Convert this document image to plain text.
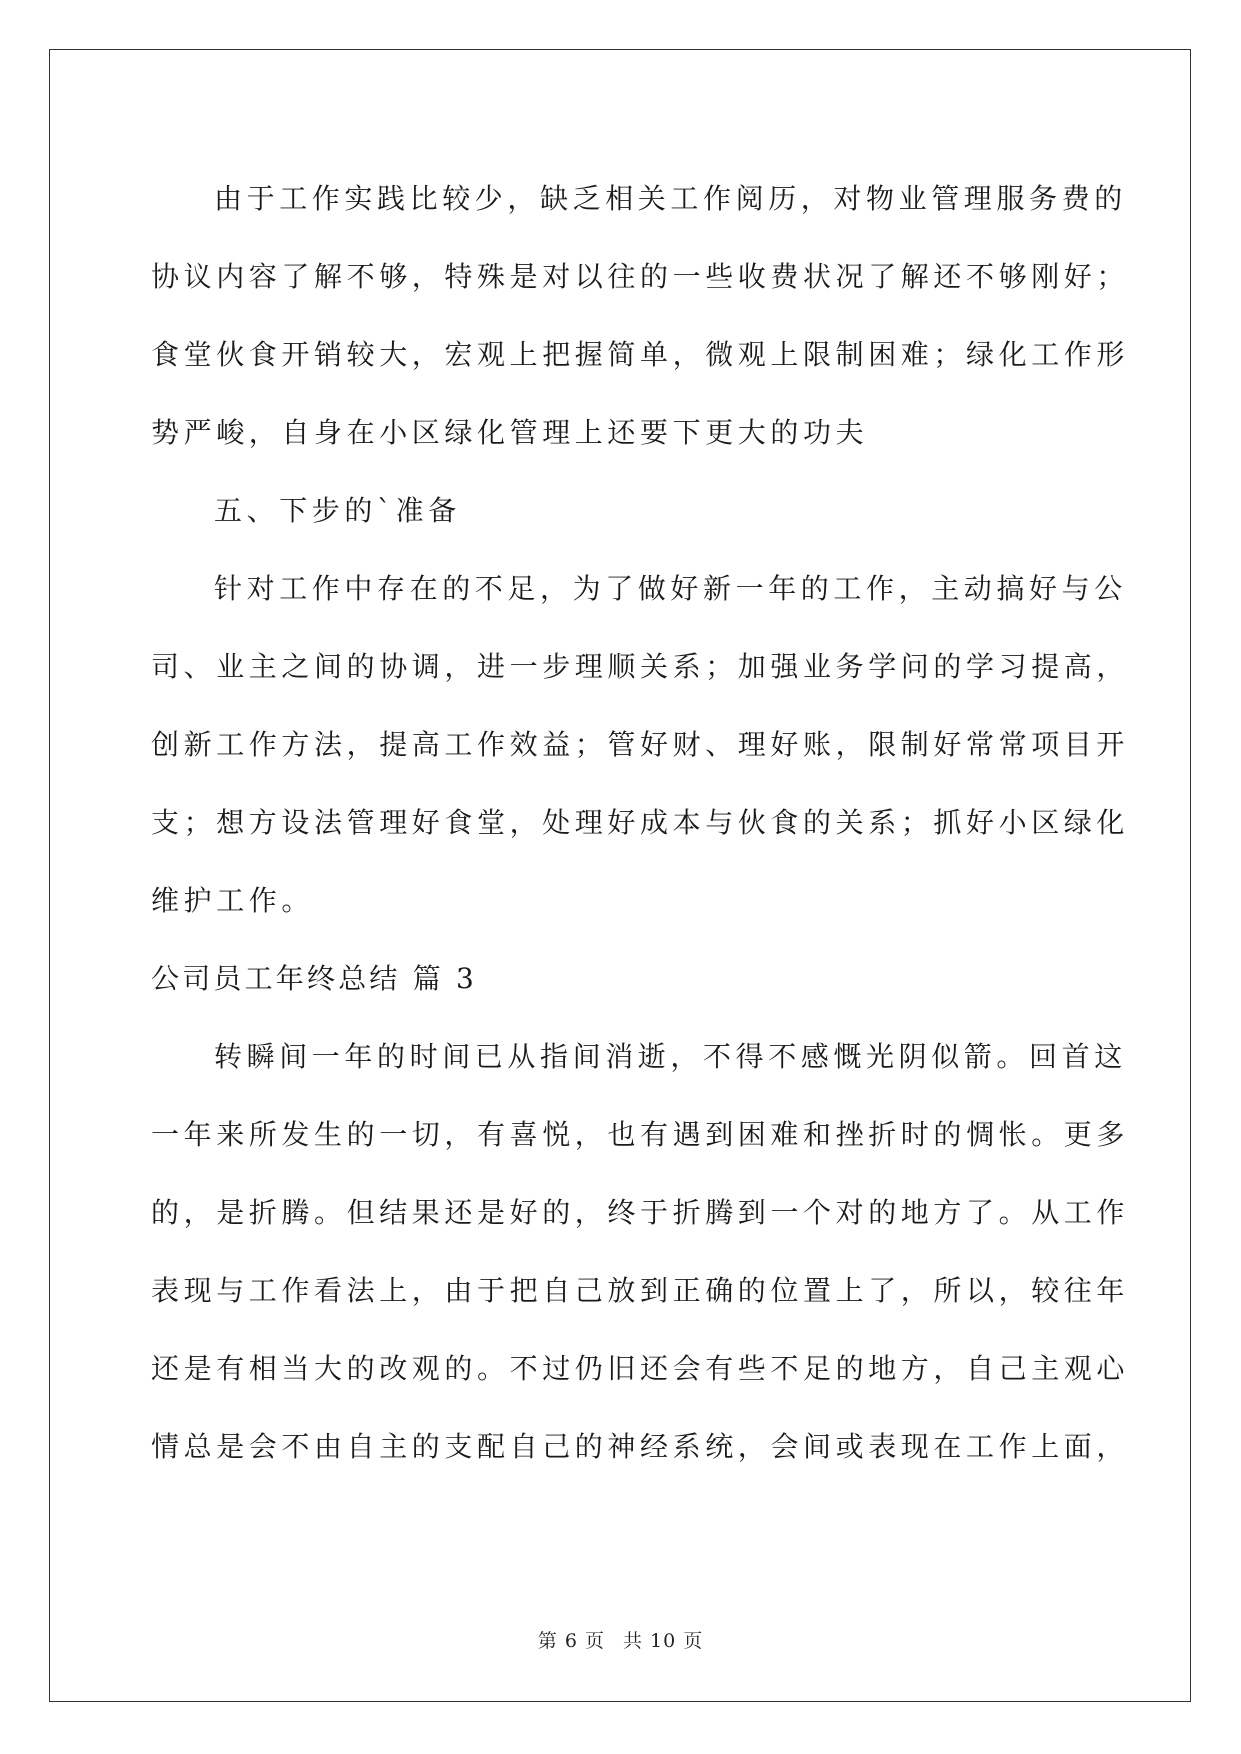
由于工作实践比较少，缺乏相关工作阅历，对物业管理服务费的
协议内容了解不够，特殊是对以往的一些收费状况了解还不够刚好；
食堂伙食开销较大，宏观上把握简单，微观上限制困难；绿化工作形
势严峻，自身在小区绿化管理上还要下更大的功夫
五、下步的`准备
针对工作中存在的不足，为了做好新一年的工作，主动搞好与公
司、业主之间的协调，进一步理顺关系；加强业务学问的学习提高，
创新工作方法，提高工作效益；管好财、理好账，限制好常常项目开
支；想方设法管理好食堂，处理好成本与伙食的关系；抓好小区绿化
维护工作。
公司员工年终总结 篇 3
转瞬间一年的时间已从指间消逝，不得不感慨光阴似箭。回首这
一年来所发生的一切，有喜悦，也有遇到困难和挫折时的惆怅。更多
的，是折腾。但结果还是好的，终于折腾到一个对的地方了。从工作
表现与工作看法上，由于把自己放到正确的位置上了，所以，较往年
还是有相当大的改观的。不过仍旧还会有些不足的地方，自己主观心
情总是会不由自主的支配自己的神经系统，会间或表现在工作上面，
第 6 页 共 10 页
